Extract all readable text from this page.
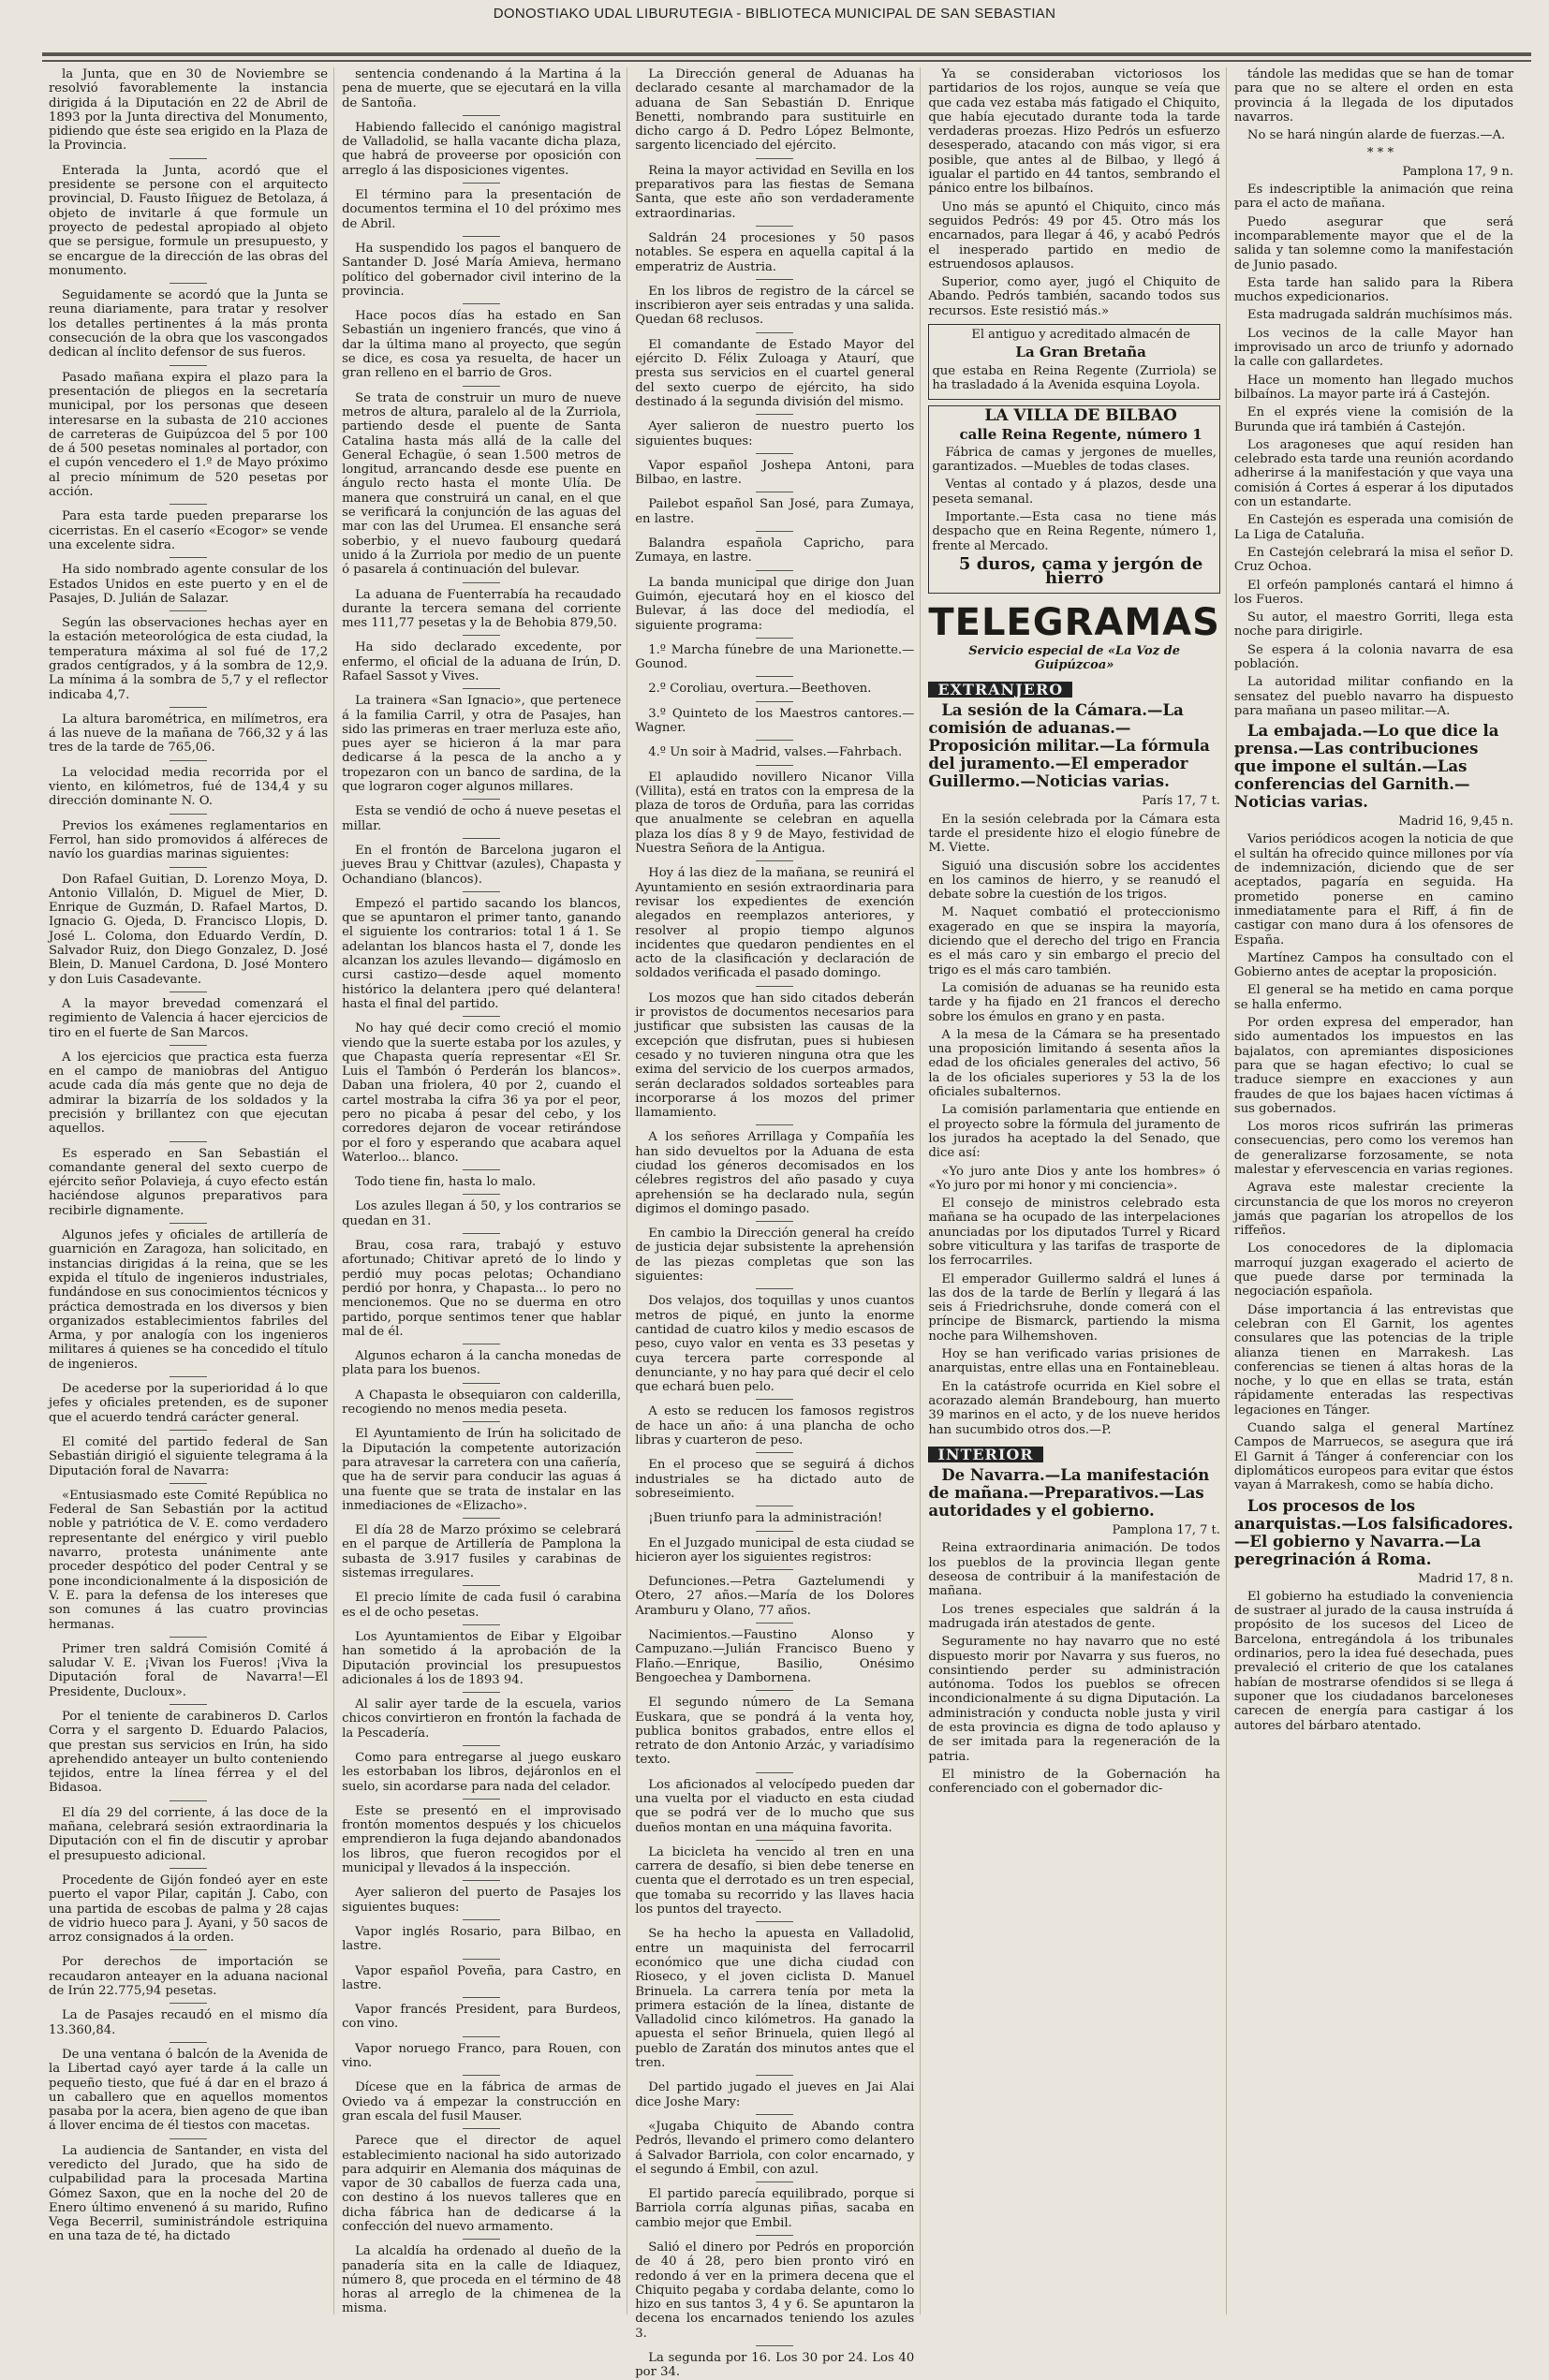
DONOSTIAKO UDAL LIBURUTEGIA - BIBLIOTECA MUNICIPAL DE SAN SEBASTIAN

la Junta, que en 30 de Noviembre se resolvió favorablemente la instancia dirigida á la Diputación en 22 de Abril de 1893 por la Junta directiva del Monumento, pidiendo que éste sea erigido en la Plaza de la Provincia.

Enterada la Junta, acordó que el presidente se persone con el arquitecto provincial, D. Fausto Iñiguez de Betolaza, á objeto de invitarle á que formule un proyecto de pedestal apropiado al objeto que se persigue, formule un presupuesto, y se encargue de la dirección de las obras del monumento.

Seguidamente se acordó que la Junta se reuna diariamente, para tratar y resolver los detalles pertinentes á la más pronta consecución de la obra que los vascongados dedican al ínclito defensor de sus fueros.

Pasado mañana expira el plazo para la presentación de pliegos en la secretaría municipal, por los personas que deseen interesarse en la subasta de 210 acciones de carreteras de Guipúzcoa del 5 por 100 de á 500 pesetas nominales al portador, con el cupón vencedero el 1.º de Mayo próximo al precio mínimum de 520 pesetas por acción.

Para esta tarde pueden prepararse los cicerristas. En el caserío «Ecogor» se vende una excelente sidra.

Ha sido nombrado agente consular de los Estados Unidos en este puerto y en el de Pasajes, D. Julián de Salazar.

Según las observaciones hechas ayer en la estación meteorológica de esta ciudad, la temperatura máxima al sol fué de 17,2 grados centígrados, y á la sombra de 12,9. La mínima á la sombra de 5,7 y el reflector indicaba 4,7.

La altura barométrica, en milímetros, era á las nueve de la mañana de 766,32 y á las tres de la tarde de 765,06.

La velocidad media recorrida por el viento, en kilómetros, fué de 134,4 y su dirección dominante N. O.

Previos los exámenes reglamentarios en Ferrol, han sido promovidos á alféreces de navío los guardias marinas siguientes:

Don Rafael Guitian, D. Lorenzo Moya, D. Antonio Villalón, D. Miguel de Mier, D. Enrique de Guzmán, D. Rafael Martos, D. Ignacio G. Ojeda, D. Francisco Llopis, D. José L. Coloma, don Eduardo Verdín, D. Salvador Ruiz, don Diego Gonzalez, D. José Blein, D. Manuel Cardona, D. José Montero y don Luis Casadevante.

A la mayor brevedad comenzará el regimiento de Valencia á hacer ejercicios de tiro en el fuerte de San Marcos.

A los ejercicios que practica esta fuerza en el campo de maniobras del Antiguo acude cada día más gente que no deja de admirar la bizarría de los soldados y la precisión y brillantez con que ejecutan aquellos.

Es esperado en San Sebastián el comandante general del sexto cuerpo de ejército señor Polavieja, á cuyo efecto están haciéndose algunos preparativos para recibirle dignamente.

Algunos jefes y oficiales de artillería de guarnición en Zaragoza, han solicitado, en instancias dirigidas á la reina, que se les expida el título de ingenieros industriales, fundándose en sus conocimientos técnicos y práctica demostrada en los diversos y bien organizados establecimientos fabriles del Arma, y por analogía con los ingenieros militares á quienes se ha concedido el título de ingenieros.

De acederse por la superioridad á lo que jefes y oficiales pretenden, es de suponer que el acuerdo tendrá carácter general.

El comité del partido federal de San Sebastián dirigió el siguiente telegrama á la Diputación foral de Navarra:

«Entusiasmado este Comité República no Federal de San Sebastián por la actitud noble y patriótica de V. E. como verdadero representante del enérgico y viril pueblo navarro, protesta unánimente ante proceder despótico del poder Central y se pone incondicionalmente á la disposición de V. E. para la defensa de los intereses que son comunes á las cuatro provincias hermanas.

Primer tren saldrá Comisión Comité á saludar V. E. ¡Vivan los Fueros! ¡Viva la Diputación foral de Navarra!—El Presidente, Ducloux».

Por el teniente de carabineros D. Carlos Corra y el sargento D. Eduardo Palacios, que prestan sus servicios en Irún, ha sido aprehendido anteayer un bulto conteniendo tejidos, entre la línea férrea y el del Bidasoa.

El día 29 del corriente, á las doce de la mañana, celebrará sesión extraordinaria la Diputación con el fin de discutir y aprobar el presupuesto adicional.

Procedente de Gijón fondeó ayer en este puerto el vapor Pilar, capitán J. Cabo, con una partida de escobas de palma y 28 cajas de vidrio hueco para J. Ayani, y 50 sacos de arroz consignados á la orden.

Por derechos de importación se recaudaron anteayer en la aduana nacional de Irún 22.775,94 pesetas.

La de Pasajes recaudó en el mismo día 13.360,84.

De una ventana ó balcón de la Avenida de la Libertad cayó ayer tarde á la calle un pequeño tiesto, que fué á dar en el brazo á un caballero que en aquellos momentos pasaba por la acera, bien ageno de que iban á llover encima de él tiestos con macetas.

La audiencia de Santander, en vista del veredicto del Jurado, que ha sido de culpabilidad para la procesada Martina Gómez Saxon, que en la noche del 20 de Enero último envenenó á su marido, Rufino Vega Becerril, suministrándole estriquina en una taza de té, ha dictado

sentencia condenando á la Martina á la pena de muerte, que se ejecutará en la villa de Santoña.

Habiendo fallecido el canónigo magistral de Valladolid, se halla vacante dicha plaza, que habrá de proveerse por oposición con arreglo á las disposiciones vigentes.

El término para la presentación de documentos termina el 10 del próximo mes de Abril.

Ha suspendido los pagos el banquero de Santander D. José María Amieva, hermano político del gobernador civil interino de la provincia.

Hace pocos días ha estado en San Sebastián un ingeniero francés, que vino á dar la última mano al proyecto, que según se dice, es cosa ya resuelta, de hacer un gran relleno en el barrio de Gros.

Se trata de construir un muro de nueve metros de altura, paralelo al de la Zurriola, partiendo desde el puente de Santa Catalina hasta más allá de la calle del General Echagüe, ó sean 1.500 metros de longitud, arrancando desde ese puente en ángulo recto hasta el monte Ulía. De manera que construirá un canal, en el que se verificará la conjunción de las aguas del mar con las del Urumea. El ensanche será soberbio, y el nuevo faubourg quedará unido á la Zurriola por medio de un puente ó pasarela á continuación del bulevar.

La aduana de Fuenterrabía ha recaudado durante la tercera semana del corriente mes 111,77 pesetas y la de Behobia 879,50.

Ha sido declarado excedente, por enfermo, el oficial de la aduana de Irún, D. Rafael Sassot y Vives.

La trainera «San Ignacio», que pertenece á la familia Carril, y otra de Pasajes, han sido las primeras en traer merluza este año, pues ayer se hicieron á la mar para dedicarse á la pesca de la ancho a y tropezaron con un banco de sardina, de la que lograron coger algunos millares.

Esta se vendió de ocho á nueve pesetas el millar.

En el frontón de Barcelona jugaron el jueves Brau y Chittvar (azules), Chapasta y Ochandiano (blancos).

Empezó el partido sacando los blancos, que se apuntaron el primer tanto, ganando el siguiente los contrarios: total 1 á 1. Se adelantan los blancos hasta el 7, donde les alcanzan los azules llevando— digámoslo en cursi castizo—desde aquel momento histórico la delantera ¡pero qué delantera! hasta el final del partido.

No hay qué decir como creció el momio viendo que la suerte estaba por los azules, y que Chapasta quería representar «El Sr. Luis el Tambón ó Perderán los blancos». Daban una friolera, 40 por 2, cuando el cartel mostraba la cifra 36 ya por el peor, pero no picaba á pesar del cebo, y los corredores dejaron de vocear retirándose por el foro y esperando que acabara aquel Waterloo... blanco.

Todo tiene fin, hasta lo malo.

Los azules llegan á 50, y los contrarios se quedan en 31.

Brau, cosa rara, trabajó y estuvo afortunado; Chitivar apretó de lo lindo y perdió muy pocas pelotas; Ochandiano perdió por honra, y Chapasta... lo pero no mencionemos. Que no se duerma en otro partido, porque sentimos tener que hablar mal de él.

Algunos echaron á la cancha monedas de plata para los buenos.

A Chapasta le obsequiaron con calderilla, recogiendo no menos media peseta.

El Ayuntamiento de Irún ha solicitado de la Diputación la competente autorización para atravesar la carretera con una cañería, que ha de servir para conducir las aguas á una fuente que se trata de instalar en las inmediaciones de «Elizacho».

El día 28 de Marzo próximo se celebrará en el parque de Artillería de Pamplona la subasta de 3.917 fusiles y carabinas de sistemas irregulares.

El precio límite de cada fusil ó carabina es el de ocho pesetas.

Los Ayuntamientos de Eibar y Elgoibar han sometido á la aprobación de la Diputación provincial los presupuestos adicionales á los de 1893 94.

Al salir ayer tarde de la escuela, varios chicos convirtieron en frontón la fachada de la Pescadería.

Como para entregarse al juego euskaro les estorbaban los libros, dejáronlos en el suelo, sin acordarse para nada del celador.

Este se presentó en el improvisado frontón momentos después y los chicuelos emprendieron la fuga dejando abandonados los libros, que fueron recogidos por el municipal y llevados á la inspección.

Ayer salieron del puerto de Pasajes los siguientes buques:

Vapor inglés Rosario, para Bilbao, en lastre.

Vapor español Poveña, para Castro, en lastre.

Vapor francés President, para Burdeos, con vino.

Vapor noruego Franco, para Rouen, con vino.

Dícese que en la fábrica de armas de Oviedo va á empezar la construcción en gran escala del fusil Mauser.

Parece que el director de aquel establecimiento nacional ha sido autorizado para adquirir en Alemania dos máquinas de vapor de 30 caballos de fuerza cada una, con destino á los nuevos talleres que en dicha fábrica han de dedicarse á la confección del nuevo armamento.

La alcaldía ha ordenado al dueño de la panadería sita en la calle de Idiaquez, número 8, que proceda en el término de 48 horas al arreglo de la chimenea de la misma.

La Dirección general de Aduanas ha declarado cesante al marchamador de la aduana de San Sebastián D. Enrique Benetti, nombrando para sustituirle en dicho cargo á D. Pedro López Belmonte, sargento licenciado del ejército.

Reina la mayor actividad en Sevilla en los preparativos para las fiestas de Semana Santa, que este año son verdaderamente extraordinarias.

Saldrán 24 procesiones y 50 pasos notables. Se espera en aquella capital á la emperatriz de Austria.

En los libros de registro de la cárcel se inscribieron ayer seis entradas y una salida. Quedan 68 reclusos.

El comandante de Estado Mayor del ejército D. Félix Zuloaga y Ataurí, que presta sus servicios en el cuartel general del sexto cuerpo de ejército, ha sido destinado á la segunda división del mismo.

Ayer salieron de nuestro puerto los siguientes buques:

Vapor español Joshepa Antoni, para Bilbao, en lastre.

Pailebot español San José, para Zumaya, en lastre.

Balandra española Capricho, para Zumaya, en lastre.

La banda municipal que dirige don Juan Guimón, ejecutará hoy en el kiosco del Bulevar, á las doce del mediodía, el siguiente programa:

1.º Marcha fúnebre de una Marionette.—Gounod.

2.º Coroliau, overtura.—Beethoven.

3.º Quinteto de los Maestros cantores.—Wagner.

4.º Un soir à Madrid, valses.—Fahrbach.

El aplaudido novillero Nicanor Villa (Villita), está en tratos con la empresa de la plaza de toros de Orduña, para las corridas que anualmente se celebran en aquella plaza los días 8 y 9 de Mayo, festividad de Nuestra Señora de la Antigua.

Hoy á las diez de la mañana, se reunirá el Ayuntamiento en sesión extraordinaria para revisar los expedientes de exención alegados en reemplazos anteriores, y resolver al propio tiempo algunos incidentes que quedaron pendientes en el acto de la clasificación y declaración de soldados verificada el pasado domingo.

Los mozos que han sido citados deberán ir provistos de documentos necesarios para justificar que subsisten las causas de la excepción que disfrutan, pues si hubiesen cesado y no tuvieren ninguna otra que les exima del servicio de los cuerpos armados, serán declarados soldados sorteables para incorporarse á los mozos del primer llamamiento.

A los señores Arrillaga y Compañía les han sido devueltos por la Aduana de esta ciudad los géneros decomisados en los célebres registros del año pasado y cuya aprehensión se ha declarado nula, según digimos el domingo pasado.

En cambio la Dirección general ha creído de justicia dejar subsistente la aprehensión de las piezas completas que son las siguientes:

Dos velajos, dos toquillas y unos cuantos metros de piqué, en junto la enorme cantidad de cuatro kilos y medio escasos de peso, cuyo valor en venta es 33 pesetas y cuya tercera parte corresponde al denunciante, y no hay para qué decir el celo que echará buen pelo.

A esto se reducen los famosos registros de hace un año: á una plancha de ocho libras y cuarteron de peso.

En el proceso que se seguirá á dichos industriales se ha dictado auto de sobreseimiento.

¡Buen triunfo para la administración!

En el Juzgado municipal de esta ciudad se hicieron ayer los siguientes registros:

Defunciones.—Petra Gaztelumendi y Otero, 27 años.—María de los Dolores Aramburu y Olano, 77 años.

Nacimientos.—Faustino Alonso y Campuzano.—Julián Francisco Bueno y Flaño.—Enrique, Basilio, Onésimo Bengoechea y Dambornena.

El segundo número de La Semana Euskara, que se pondrá á la venta hoy, publica bonitos grabados, entre ellos el retrato de don Antonio Arzác, y variadísimo texto.

Los aficionados al velocípedo pueden dar una vuelta por el viaducto en esta ciudad que se podrá ver de lo mucho que sus dueños montan en una máquina favorita.

La bicicleta ha vencido al tren en una carrera de desafío, si bien debe tenerse en cuenta que el derrotado es un tren especial, que tomaba su recorrido y las llaves hacia los puntos del trayecto.

Se ha hecho la apuesta en Valladolid, entre un maquinista del ferrocarril económico que une dicha ciudad con Rioseco, y el joven ciclista D. Manuel Brinuela. La carrera tenía por meta la primera estación de la línea, distante de Valladolid cinco kilómetros. Ha ganado la apuesta el señor Brinuela, quien llegó al pueblo de Zaratán dos minutos antes que el tren.

Del partido jugado el jueves en Jai Alai dice Joshe Mary:

«Jugaba Chiquito de Abando contra Pedrós, llevando el primero como delantero á Salvador Barriola, con color encarnado, y el segundo á Embil, con azul.

El partido parecía equilibrado, porque si Barriola corría algunas piñas, sacaba en cambio mejor que Embil.

Salió el dinero por Pedrós en proporción de 40 á 28, pero bien pronto viró en redondo á ver en la primera decena que el Chiquito pegaba y cordaba delante, como lo hizo en sus tantos 3, 4 y 6. Se apuntaron la decena los encarnados teniendo los azules 3.

La segunda por 16. Los 30 por 24. Los 40 por 34.

Ya se consideraban victoriosos los partidarios de los rojos, aunque se veía que que cada vez estaba más fatigado el Chiquito, que había ejecutado durante toda la tarde verdaderas proezas. Hizo Pedrós un esfuerzo desesperado, atacando con más vigor, si era posible, que antes al de Bilbao, y llegó á igualar el partido en 44 tantos, sembrando el pánico entre los bilbaínos.

Uno más se apuntó el Chiquito, cinco más seguidos Pedrós: 49 por 45. Otro más los encarnados, para llegar á 46, y acabó Pedrós el inesperado partido en medio de estruendosos aplausos.

Superior, como ayer, jugó el Chiquito de Abando. Pedrós también, sacando todos sus recursos. Este resistió más.»

El antiguo y acreditado almacén de

La Gran Bretaña

que estaba en Reina Regente (Zurriola) se ha trasladado á la Avenida esquina Loyola.

LA VILLA DE BILBAO

calle Reina Regente, número 1

Fábrica de camas y jergones de muelles, garantizados. —Muebles de todas clases.

Ventas al contado y á plazos, desde una peseta semanal.

Importante.—Esta casa no tiene más despacho que en Reina Regente, número 1, frente al Mercado.

5 duros, cama y jergón de hierro

TELEGRAMAS
Servicio especial de «La Voz de Guipúzcoa»
EXTRANJERO

La sesión de la Cámara.—La comisión de aduanas.—Proposición militar.—La fórmula del juramento.—El emperador Guillermo.—Noticias varias.

París 17, 7 t.

En la sesión celebrada por la Cámara esta tarde el presidente hizo el elogio fúnebre de M. Viette.

Siguió una discusión sobre los accidentes en los caminos de hierro, y se reanudó el debate sobre la cuestión de los trigos.

M. Naquet combatió el proteccionismo exagerado en que se inspira la mayoría, diciendo que el derecho del trigo en Francia es el más caro y sin embargo el precio del trigo es el más caro también.

La comisión de aduanas se ha reunido esta tarde y ha fijado en 21 francos el derecho sobre los émulos en grano y en pasta.

A la mesa de la Cámara se ha presentado una proposición limitando á sesenta años la edad de los oficiales generales del activo, 56 la de los oficiales superiores y 53 la de los oficiales subalternos.

La comisión parlamentaria que entiende en el proyecto sobre la fórmula del juramento de los jurados ha aceptado la del Senado, que dice así:

«Yo juro ante Dios y ante los hombres» ó «Yo juro por mi honor y mi conciencia».

El consejo de ministros celebrado esta mañana se ha ocupado de las interpelaciones anunciadas por los diputados Turrel y Ricard sobre viticultura y las tarifas de trasporte de los ferrocarriles.

El emperador Guillermo saldrá el lunes á las dos de la tarde de Berlín y llegará á las seis á Friedrichsruhe, donde comerá con el príncipe de Bismarck, partiendo la misma noche para Wilhemshoven.

Hoy se han verificado varias prisiones de anarquistas, entre ellas una en Fontainebleau.

En la catástrofe ocurrida en Kiel sobre el acorazado alemán Brandebourg, han muerto 39 marinos en el acto, y de los nueve heridos han sucumbido otros dos.—P.

INTERIOR

De Navarra.—La manifestación de mañana.—Preparativos.—Las autoridades y el gobierno.

Pamplona 17, 7 t.

Reina extraordinaria animación. De todos los pueblos de la provincia llegan gente deseosa de contribuir á la manifestación de mañana.

Los trenes especiales que saldrán á la madrugada irán atestados de gente.

Seguramente no hay navarro que no esté dispuesto morir por Navarra y sus fueros, no consintiendo perder su administración autónoma. Todos los pueblos se ofrecen incondicionalmente á su digna Diputación. La administración y conducta noble justa y viril de esta provincia es digna de todo aplauso y de ser imitada para la regeneración de la patria.

El ministro de la Gobernación ha conferenciado con el gobernador dic-

tándole las medidas que se han de tomar para que no se altere el orden en esta provincia á la llegada de los diputados navarros.

No se hará ningún alarde de fuerzas.—A.

* * *

Pamplona 17, 9 n.

Es indescriptible la animación que reina para el acto de mañana.

Puedo asegurar que será incomparablemente mayor que el de la salida y tan solemne como la manifestación de Junio pasado.

Esta tarde han salido para la Ribera muchos expedicionarios.

Esta madrugada saldrán muchísimos más.

Los vecinos de la calle Mayor han improvisado un arco de triunfo y adornado la calle con gallardetes.

Hace un momento han llegado muchos bilbaínos. La mayor parte irá á Castejón.

En el exprés viene la comisión de la Burunda que irá también á Castejón.

Los aragoneses que aquí residen han celebrado esta tarde una reunión acordando adherirse á la manifestación y que vaya una comisión á Cortes á esperar á los diputados con un estandarte.

En Castejón es esperada una comisión de La Liga de Cataluña.

En Castejón celebrará la misa el señor D. Cruz Ochoa.

El orfeón pamplonés cantará el himno á los Fueros.

Su autor, el maestro Gorriti, llega esta noche para dirigirle.

Se espera á la colonia navarra de esa población.

La autoridad militar confiando en la sensatez del pueblo navarro ha dispuesto para mañana un paseo militar.—A.

La embajada.—Lo que dice la prensa.—Las contribuciones que impone el sultán.—Las conferencias del Garnith.—Noticias varias.

Madrid 16, 9,45 n.

Varios periódicos acogen la noticia de que el sultán ha ofrecido quince millones por vía de indemnización, diciendo que de ser aceptados, pagaría en seguida. Ha prometido ponerse en camino inmediatamente para el Riff, á fin de castigar con mano dura á los ofensores de España.

Martínez Campos ha consultado con el Gobierno antes de aceptar la proposición.

El general se ha metido en cama porque se halla enfermo.

Por orden expresa del emperador, han sido aumentados los impuestos en las bajalatos, con apremiantes disposiciones para que se hagan efectivo; lo cual se traduce siempre en exacciones y aun fraudes de que los bajaes hacen víctimas á sus gobernados.

Los moros ricos sufrirán las primeras consecuencias, pero como los veremos han de generalizarse forzosamente, se nota malestar y efervescencia en varias regiones.

Agrava este malestar creciente la circunstancia de que los moros no creyeron jamás que pagarían los atropellos de los riffeños.

Los conocedores de la diplomacia marroquí juzgan exagerado el acierto de que puede darse por terminada la negociación española.

Dáse importancia á las entrevistas que celebran con El Garnit, los agentes consulares que las potencias de la triple alianza tienen en Marrakesh. Las conferencias se tienen á altas horas de la noche, y lo que en ellas se trata, están rápidamente enteradas las respectivas legaciones en Tánger.

Cuando salga el general Martínez Campos de Marruecos, se asegura que irá El Garnit á Tánger á conferenciar con los diplomáticos europeos para evitar que éstos vayan á Marrakesh, como se había dicho.

Los procesos de los anarquistas.—Los falsificadores.—El gobierno y Navarra.—La peregrinación á Roma.

Madrid 17, 8 n.

El gobierno ha estudiado la conveniencia de sustraer al jurado de la causa instruída á propósito de los sucesos del Liceo de Barcelona, entregándola á los tribunales ordinarios, pero la idea fué desechada, pues prevaleció el criterio de que los catalanes habían de mostrarse ofendidos si se llega á suponer que los ciudadanos barceloneses carecen de energía para castigar á los autores del bárbaro atentado.
